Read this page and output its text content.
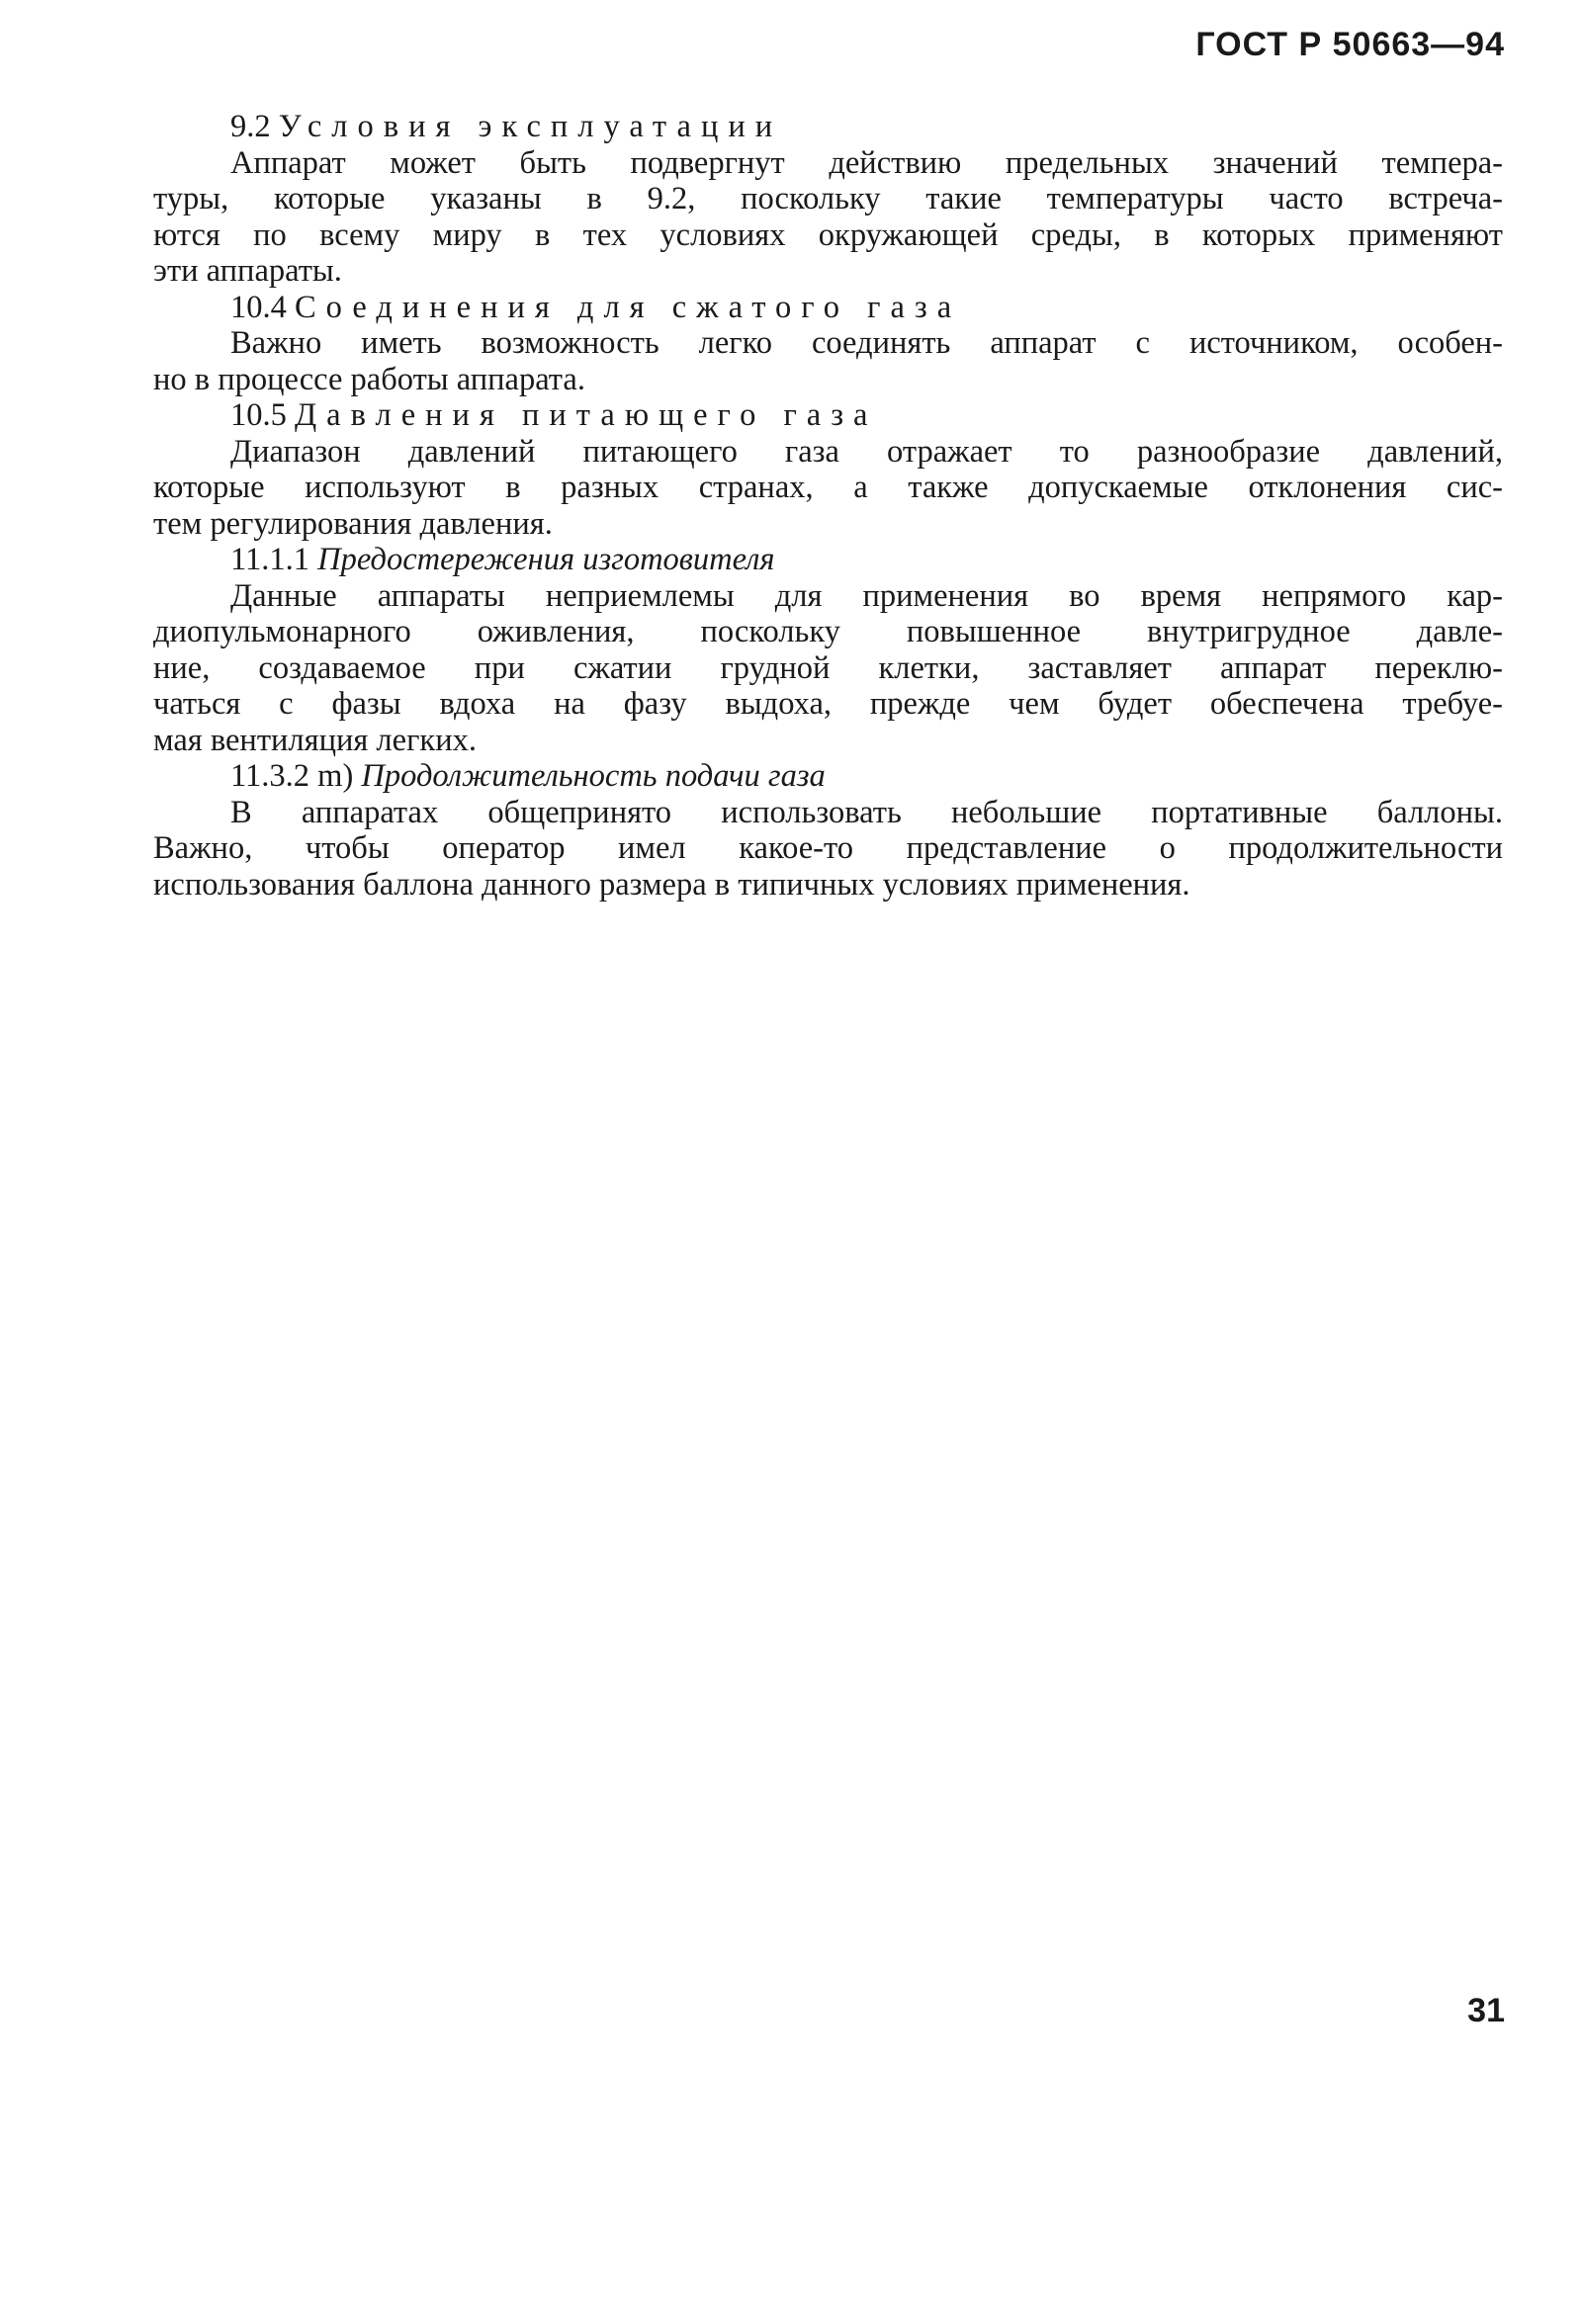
ГОСТ Р 50663—94
9.2 Условия эксплуатации
Аппарат может быть подвергнут действию предельных значений темпера-
туры, которые указаны в 9.2, поскольку такие температуры часто встреча-
ются по всему миру в тех условиях окружающей среды, в которых применяют
эти аппараты.
10.4 Соединения для сжатого газа
Важно иметь возможность легко соединять аппарат с источником, особен-
но в процессе работы аппарата.
10.5 Давления питающего газа
Диапазон давлений питающего газа отражает то разнообразие давлений,
которые используют в разных странах, а также допускаемые отклонения сис-
тем регулирования давления.
11.1.1 Предостережения изготовителя
Данные аппараты неприемлемы для применения во время непрямого кар-
диопульмонарного оживления, поскольку повышенное внутригрудное давле-
ние, создаваемое при сжатии грудной клетки, заставляет аппарат переклю-
чаться с фазы вдоха на фазу выдоха, прежде чем будет обеспечена требуе-
мая вентиляция легких.
11.3.2 m) Продолжительность подачи газа
В аппаратах общепринято использовать небольшие портативные баллоны.
Важно, чтобы оператор имел какое-то представление о продолжительности
использования баллона данного размера в типичных условиях применения.
31
